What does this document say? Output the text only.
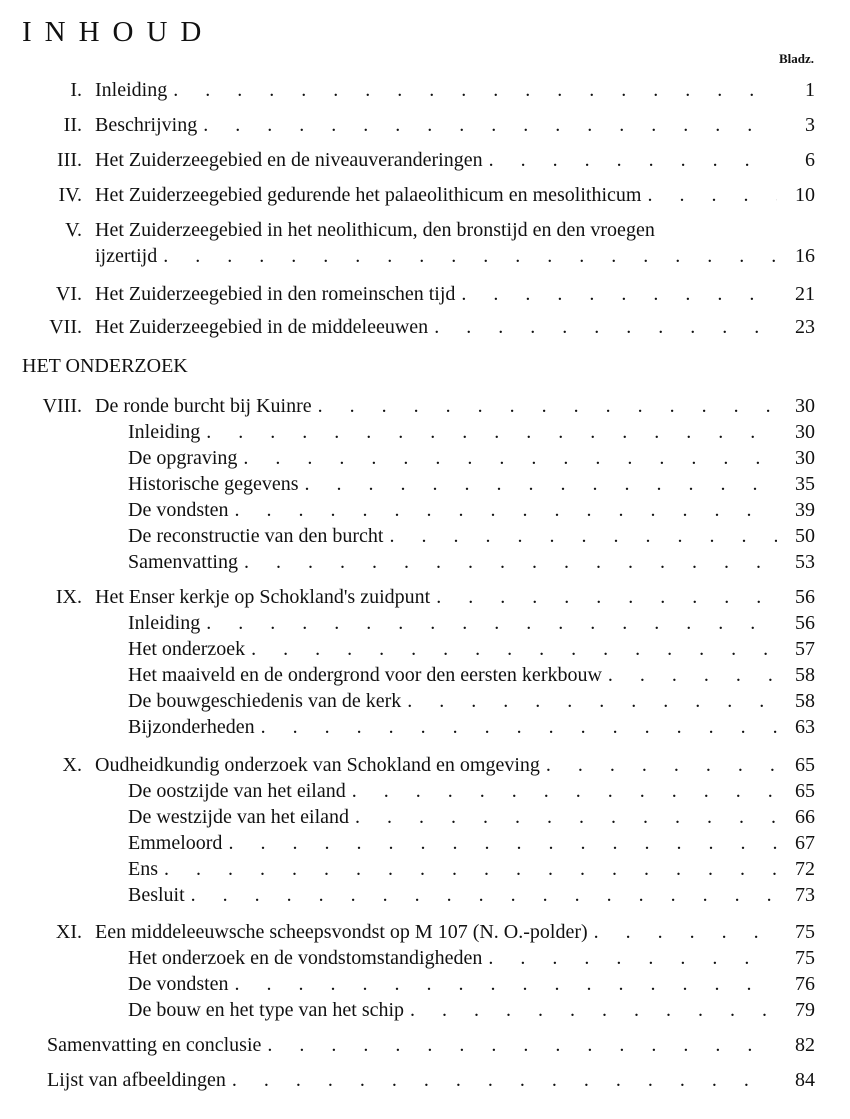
INHOUD
Bladz.
I. Inleiding . . .	1
II. Beschrijving . . .	3
III. Het Zuiderzeegebied en de niveauveranderingen . . .	6
IV. Het Zuiderzeegebied gedurende het palaeolithicum en mesolithicum . . .	10
V. Het Zuiderzeegebied in het neolithicum, den bronstijd en den vroegen
ijzertijd . . .	16
VI. Het Zuiderzeegebied in den romeinschen tijd . . .	21
VII. Het Zuiderzeegebied in de middeleeuwen . . .	23
HET ONDERZOEK
VIII. De ronde burcht bij Kuinre . . .	30
Inleiding . . .	30
De opgraving . . .	30
Historische gegevens . . .	35
De vondsten . . .	39
De reconstructie van den burcht . . .	50
Samenvatting . . .	53
IX. Het Enser kerkje op Schokland's zuidpunt . . .	56
Inleiding . . .	56
Het onderzoek . . .	57
Het maaiveld en de ondergrond voor den eersten kerkbouw . . .	58
De bouwgeschiedenis van de kerk . . .	58
Bijzonderheden . . .	63
X. Oudheidkundig onderzoek van Schokland en omgeving . . .	65
De oostzijde van het eiland . . .	65
De westzijde van het eiland . . .	66
Emmeloord . . .	67
Ens . . .	72
Besluit . . .	73
XI. Een middeleeuwsche scheepsvondst op M 107 (N. O.-polder) . . .	75
Het onderzoek en de vondstomstandigheden . . .	75
De vondsten . . .	76
De bouw en het type van het schip . . .	79
Samenvatting en conclusie . . .	82
Lijst van afbeeldingen . . .	84
